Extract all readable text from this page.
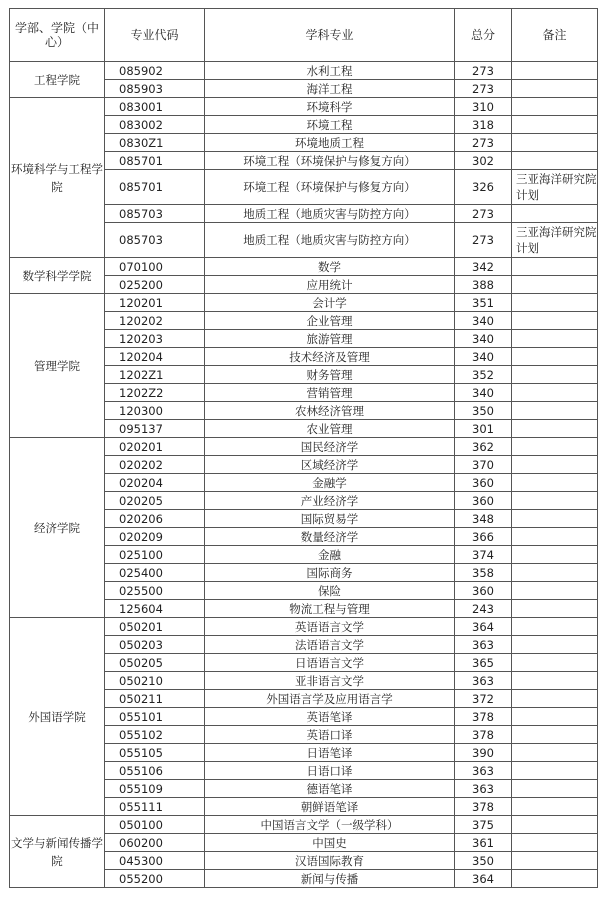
学部、学院（中心）	专业代码	学科专业	总分	备注
工程学院	085902	水利工程	273	
	085903	海洋工程	273	
环境科学与工程学院	083001	环境科学	310	
	083002	环境工程	318	
	0830Z1	环境地质工程	273	
	085701	环境工程（环境保护与修复方向）	302	
	085701	环境工程（环境保护与修复方向）	326	三亚海洋研究院计划
	085703	地质工程（地质灾害与防控方向）	273	
	085703	地质工程（地质灾害与防控方向）	273	三亚海洋研究院计划
数学科学学院	070100	数学	342	
	025200	应用统计	388	
管理学院	120201	会计学	351	
	120202	企业管理	340	
	120203	旅游管理	340	
	120204	技术经济及管理	340	
	1202Z1	财务管理	352	
	1202Z2	营销管理	340	
	120300	农林经济管理	350	
	095137	农业管理	301	
经济学院	020201	国民经济学	362	
	020202	区域经济学	370	
	020204	金融学	360	
	020205	产业经济学	360	
	020206	国际贸易学	348	
	020209	数量经济学	366	
	025100	金融	374	
	025400	国际商务	358	
	025500	保险	360	
	125604	物流工程与管理	243	
外国语学院	050201	英语语言文学	364	
	050203	法语语言文学	363	
	050205	日语语言文学	365	
	050210	亚非语言文学	363	
	050211	外国语言学及应用语言学	372	
	055101	英语笔译	378	
	055102	英语口译	378	
	055105	日语笔译	390	
	055106	日语口译	363	
	055109	德语笔译	363	
	055111	朝鲜语笔译	378	
文学与新闻传播学院	050100	中国语言文学（一级学科）	375	
	060200	中国史	361	
	045300	汉语国际教育	350	
	055200	新闻与传播	364	
